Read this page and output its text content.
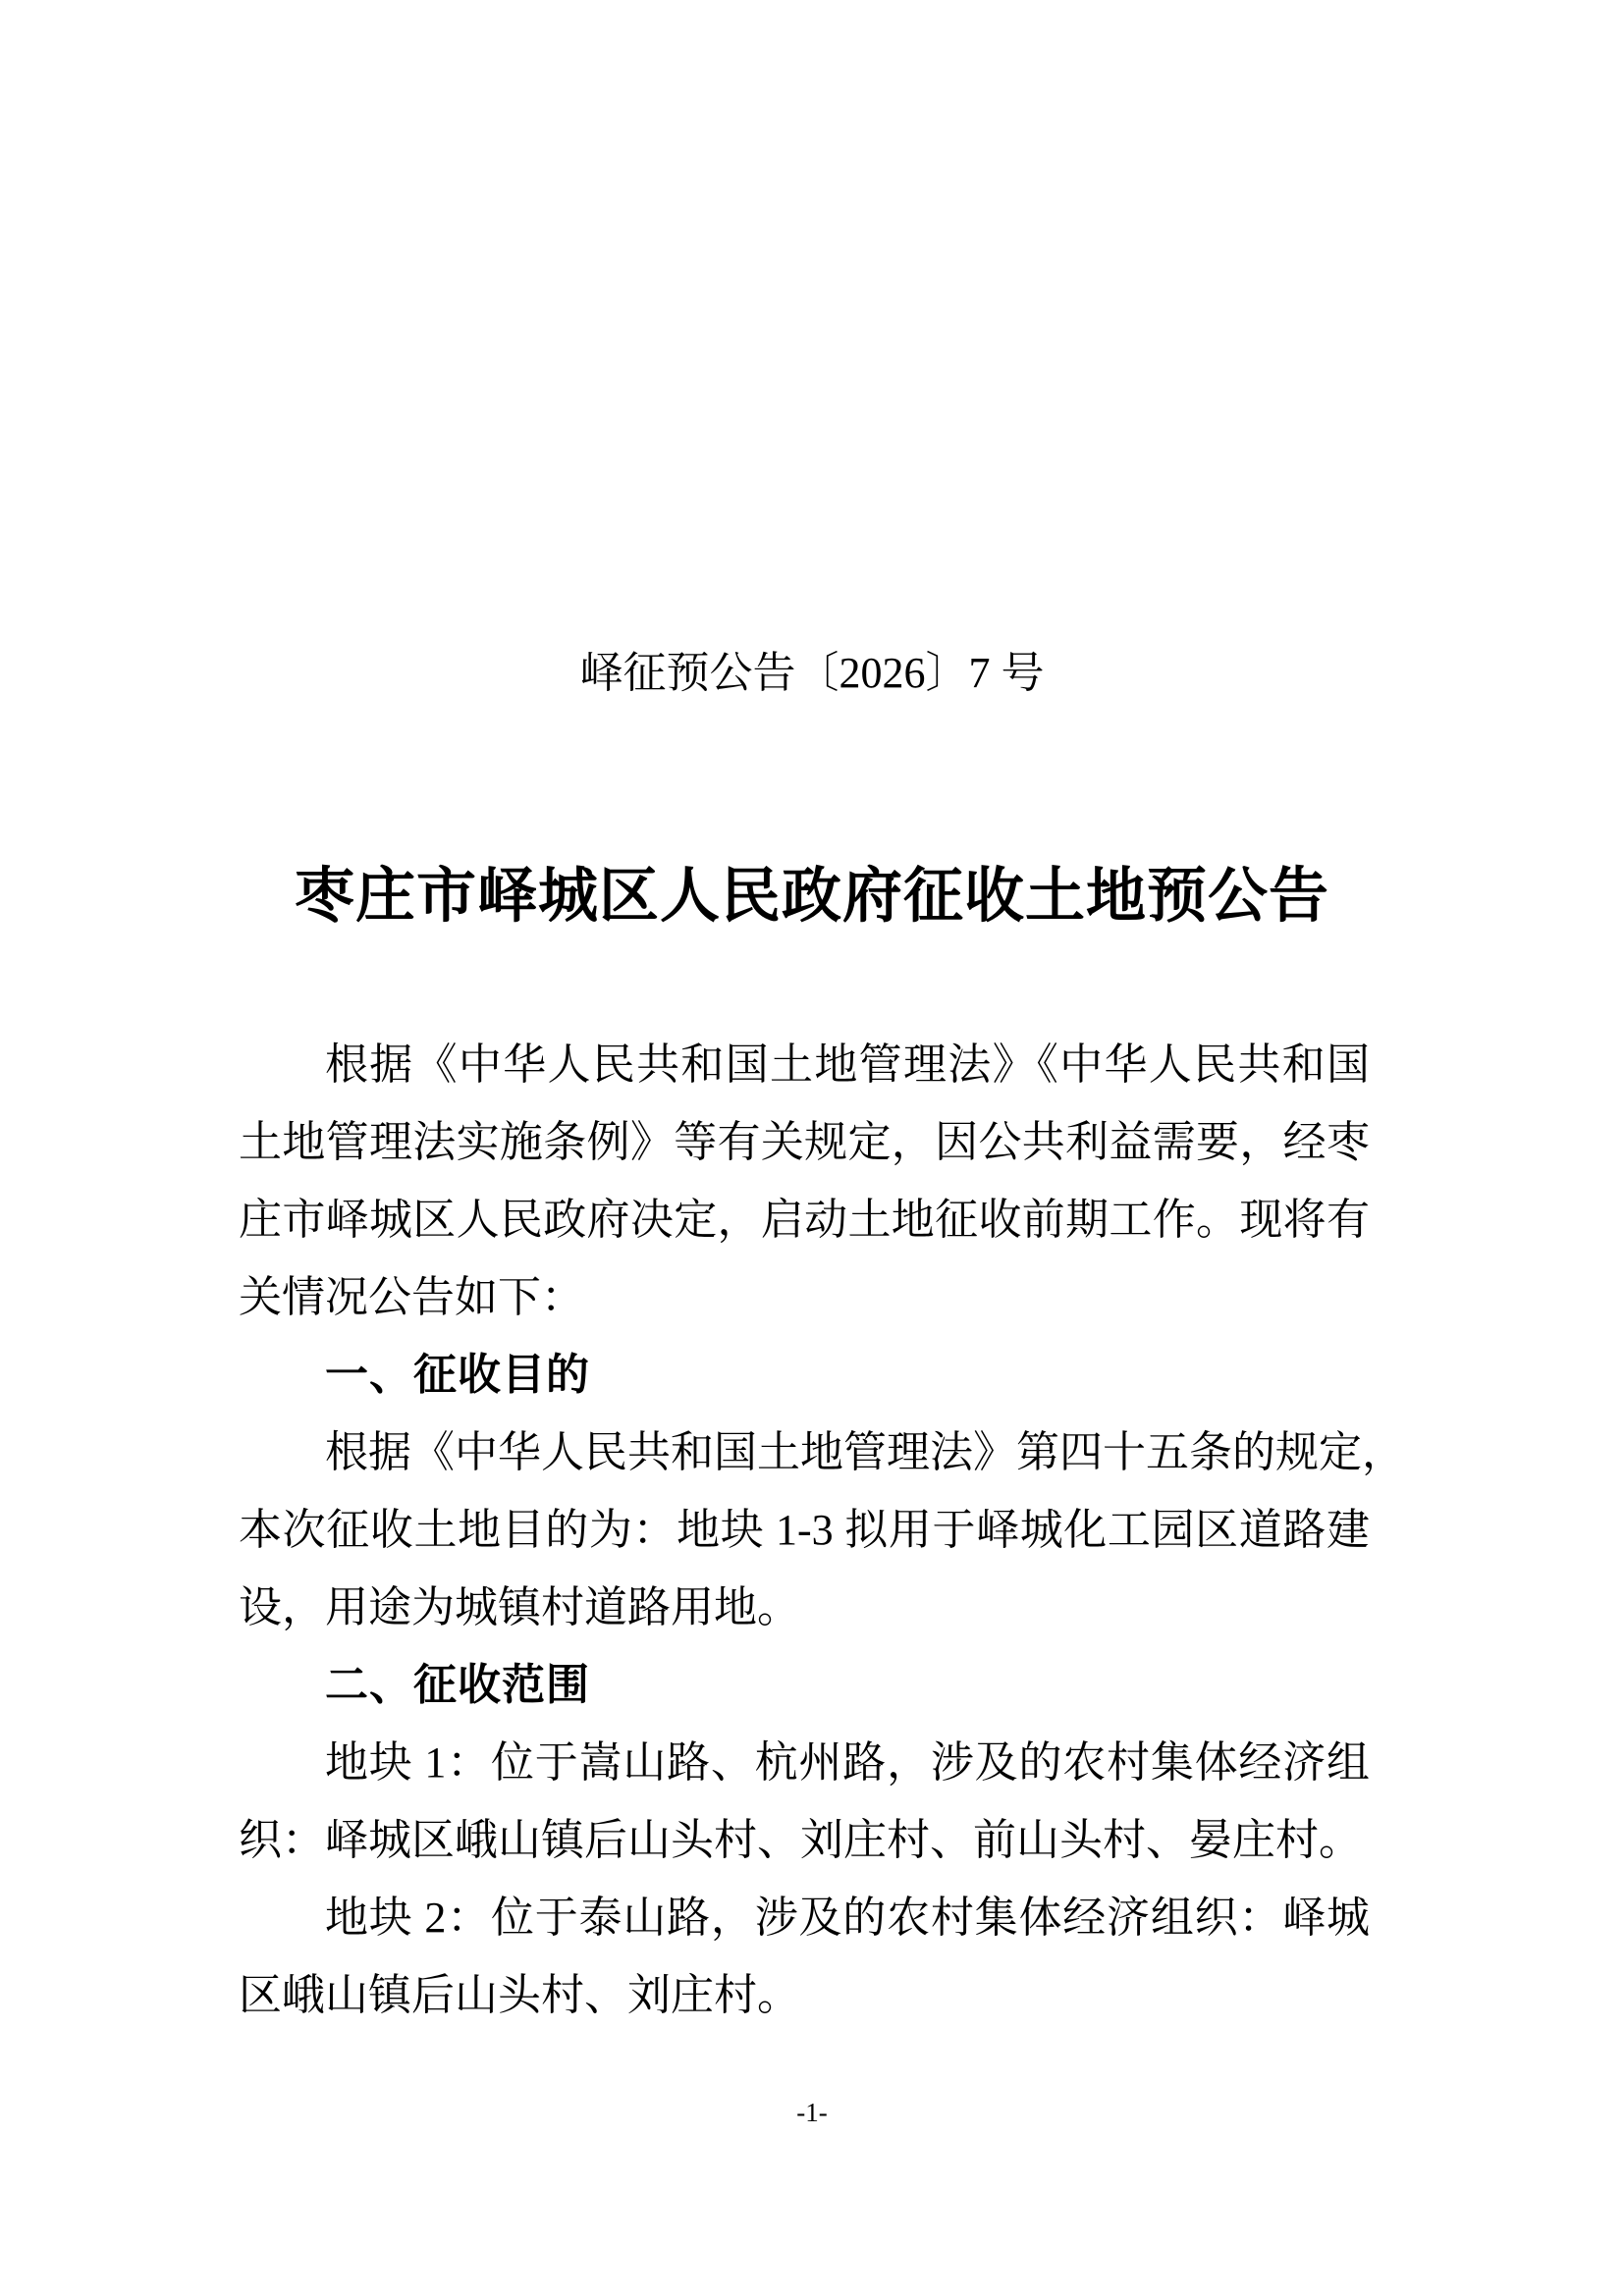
峄征预公告〔2026〕7 号
枣庄市峄城区人民政府征收土地预公告
根据《中华人民共和国土地管理法》《中华人民共和国
土地管理法实施条例》等有关规定，因公共利益需要，经枣
庄市峄城区人民政府决定，启动土地征收前期工作。现将有
关情况公告如下：
一、征收目的
根据《中华人民共和国土地管理法》第四十五条的规定，
本次征收土地目的为：地块 1-3 拟用于峄城化工园区道路建
设，用途为城镇村道路用地。
二、征收范围
地块 1：位于嵩山路、杭州路，涉及的农村集体经济组
织：峄城区峨山镇后山头村、刘庄村、前山头村、晏庄村。
地块 2：位于泰山路，涉及的农村集体经济组织：峄城
区峨山镇后山头村、刘庄村。
-1-
